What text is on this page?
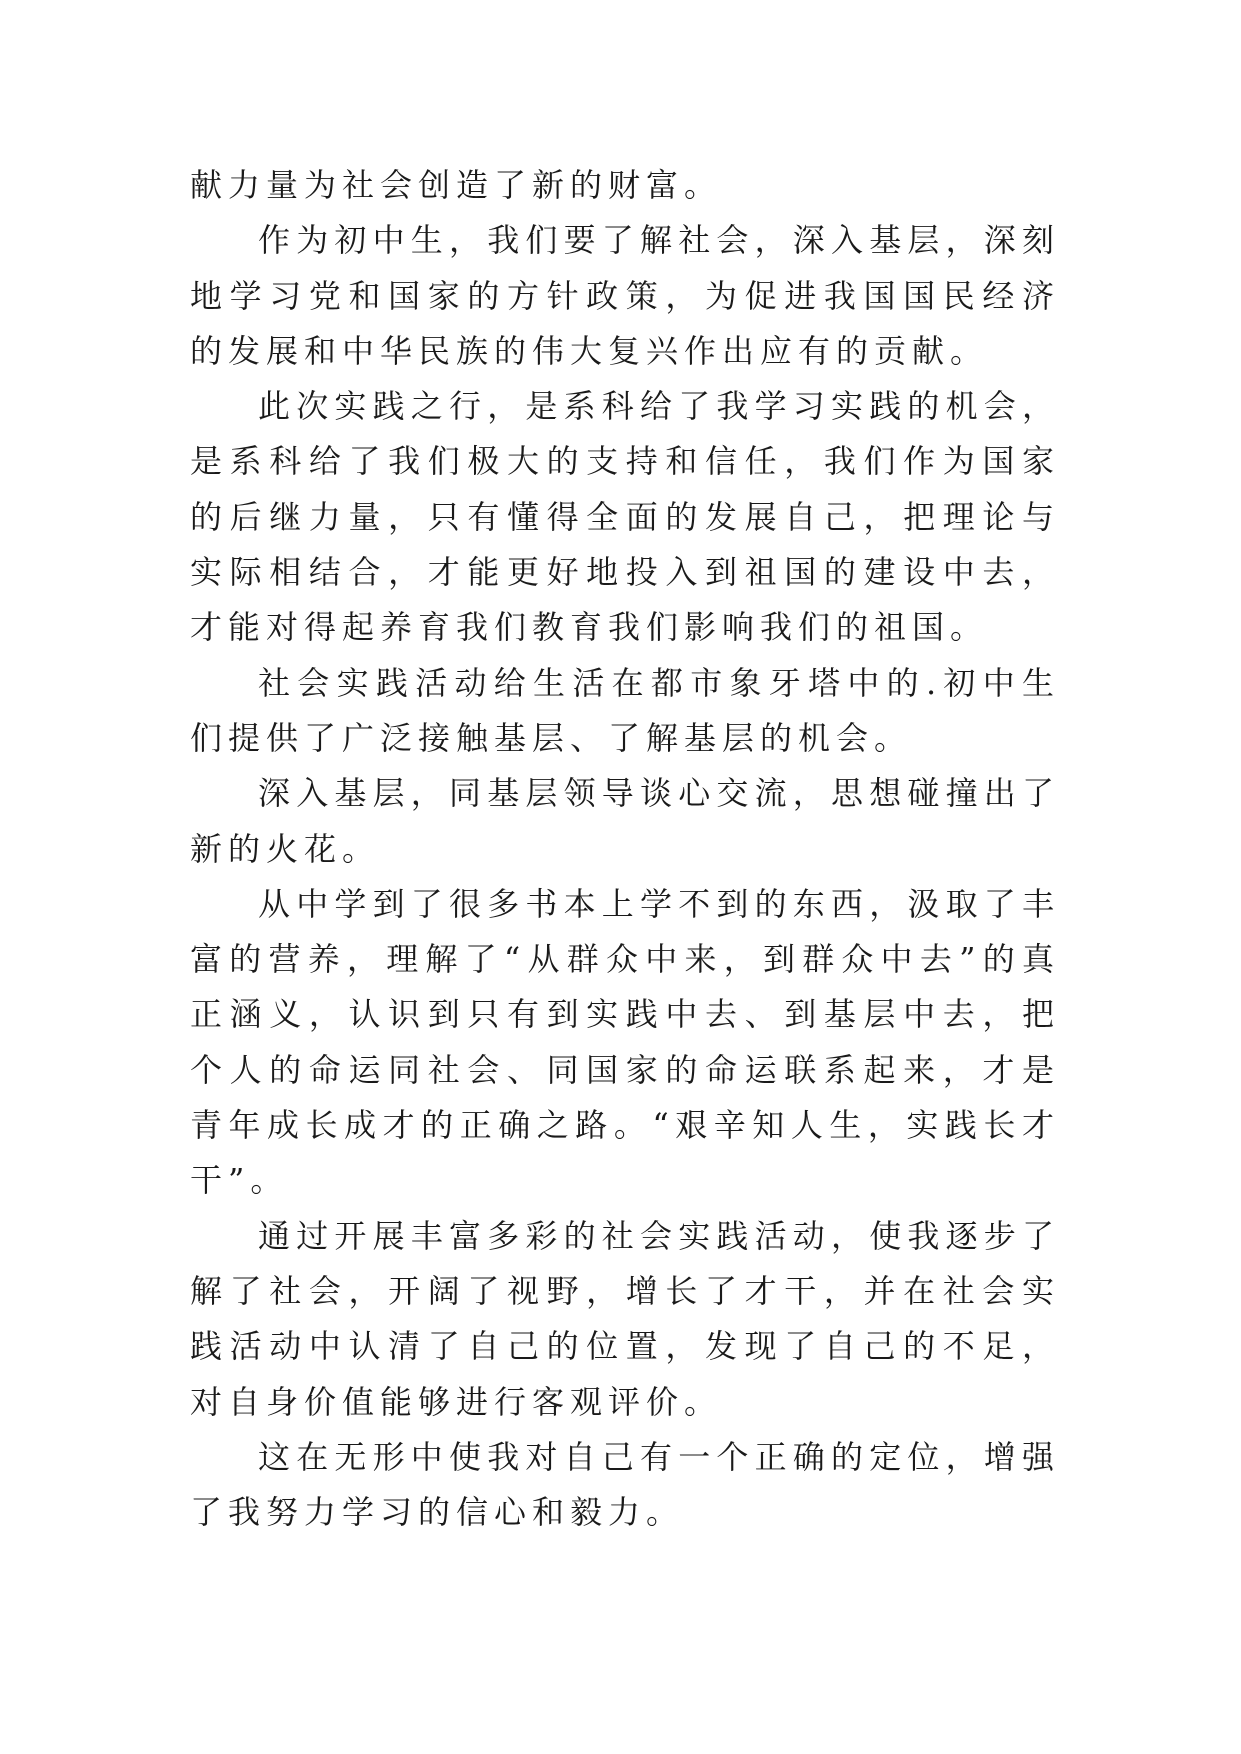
献力量为社会创造了新的财富。

作为初中生，我们要了解社会，深入基层，深刻地学习党和国家的方针政策，为促进我国国民经济的发展和中华民族的伟大复兴作出应有的贡献。

此次实践之行，是系科给了我学习实践的机会，是系科给了我们极大的支持和信任，我们作为国家的后继力量，只有懂得全面的发展自己，把理论与实际相结合，才能更好地投入到祖国的建设中去，才能对得起养育我们教育我们影响我们的祖国。

社会实践活动给生活在都市象牙塔中的.初中生们提供了广泛接触基层、了解基层的机会。

深入基层，同基层领导谈心交流，思想碰撞出了新的火花。

从中学到了很多书本上学不到的东西，汲取了丰富的营养，理解了“从群众中来，到群众中去”的真正涵义，认识到只有到实践中去、到基层中去，把个人的命运同社会、同国家的命运联系起来，才是青年成长成才的正确之路。“艰辛知人生，实践长才干”。

通过开展丰富多彩的社会实践活动，使我逐步了解了社会，开阔了视野，增长了才干，并在社会实践活动中认清了自己的位置，发现了自己的不足，对自身价值能够进行客观评价。

这在无形中使我对自己有一个正确的定位，增强了我努力学习的信心和毅力。
